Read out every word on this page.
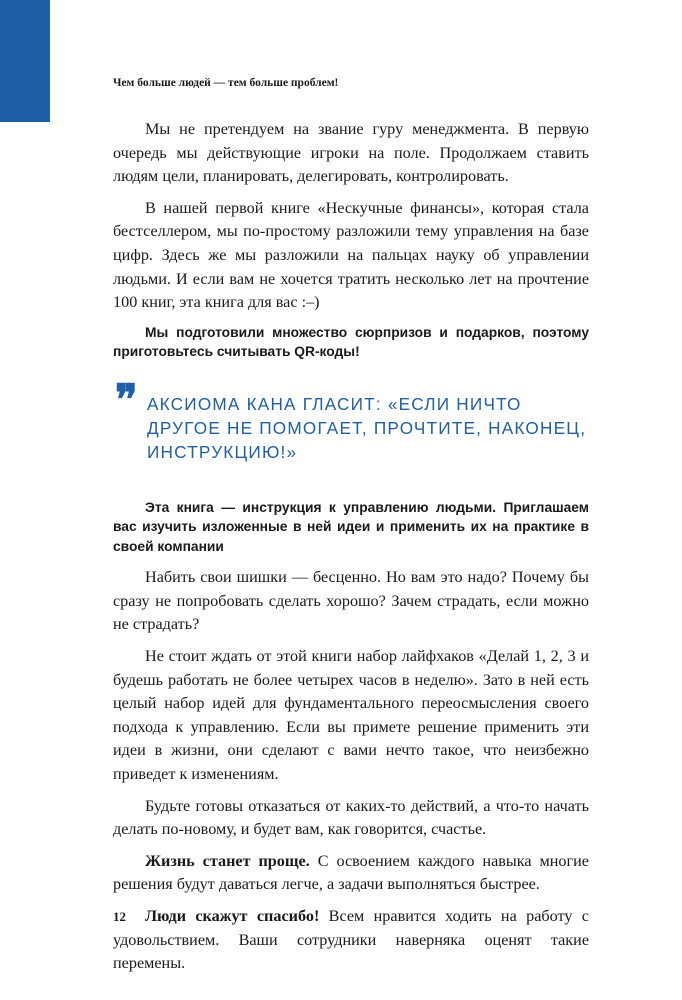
Чем больше людей — тем больше проблем!

Мы не претендуем на звание гуру менеджмента. В первую очередь мы действующие игроки на поле. Продолжаем ставить людям цели, планировать, делегировать, контролировать.

В нашей первой книге «Нескучные финансы», которая стала бестселлером, мы по-простому разложили тему управления на базе цифр. Здесь же мы разложили на пальцах науку об управлении людьми. И если вам не хочется тратить несколько лет на прочтение 100 книг, эта книга для вас :–)

Мы подготовили множество сюрпризов и подарков, поэтому приготовьтесь считывать QR-коды!

❞ АКСИОМА КАНА ГЛАСИТ: «ЕСЛИ НИЧТО ДРУГОЕ НЕ ПОМОГАЕТ, ПРОЧТИТЕ, НАКОНЕЦ, ИНСТРУКЦИЮ!»

Эта книга — инструкция к управлению людьми. Приглашаем вас изучить изложенные в ней идеи и применить их на практике в своей компании

Набить свои шишки — бесценно. Но вам это надо? Почему бы сразу не попробовать сделать хорошо? Зачем страдать, если можно не страдать?

Не стоит ждать от этой книги набор лайфхаков «Делай 1, 2, 3 и будешь работать не более четырех часов в неделю». Зато в ней есть целый набор идей для фундаментального переосмысления своего подхода к управлению. Если вы примете решение применить эти идеи в жизни, они сделают с вами нечто такое, что неизбежно приведет к изменениям.

Будьте готовы отказаться от каких-то действий, а что-то начать делать по-новому, и будет вам, как говорится, счастье.

Жизнь станет проще. С освоением каждого навыка многие решения будут даваться легче, а задачи выполняться быстрее.

Люди скажут спасибо! Всем нравится ходить на работу с удовольствием. Ваши сотрудники наверняка оценят такие перемены.

12
